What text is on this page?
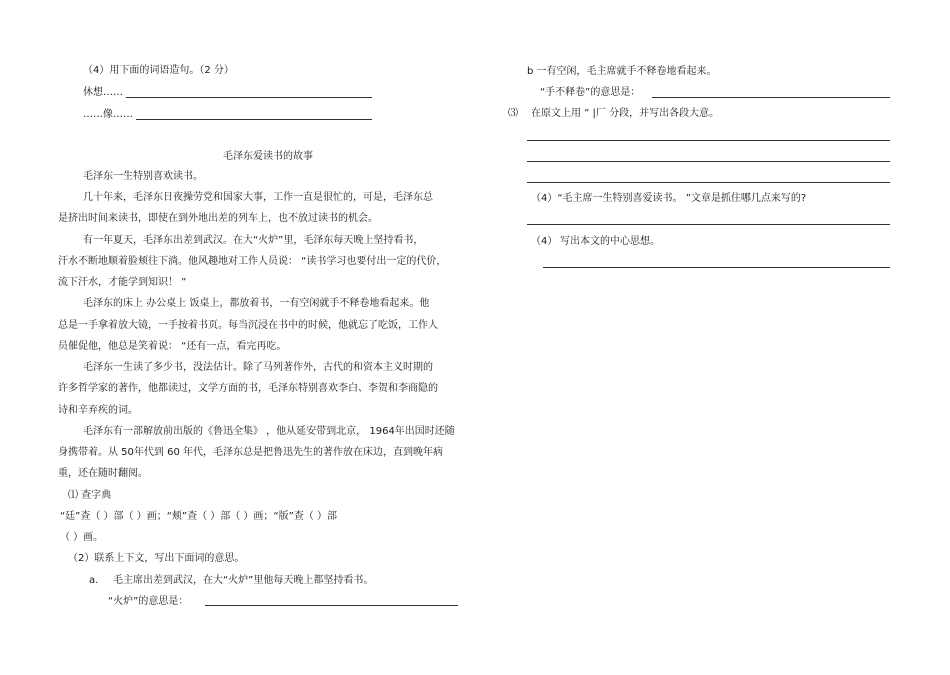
（4）用下面的词语造句。（2 分）
休想……
……像……
毛泽东爱读书的故事
毛泽东一生特别喜欢读书。
几十年来，毛泽东日夜操劳党和国家大事，工作一直是很忙的，可是，毛泽东总
是挤出时间来读书，即使在到外地出差的列车上，也不放过读书的机会。
有一年夏天，毛泽东出差到武汉。在大“火炉”里，毛泽东每天晚上坚持看书，
汗水不断地顺着脸颊往下淌。他风趣地对工作人员说： “读书学习也要付出一定的代价，
流下汗水，才能学到知识！ ”
毛泽东的床上 办公桌上 饭桌上，都放着书，一有空闲就手不释卷地看起来。他
总是一手拿着放大镜，一手按着书页。每当沉浸在书中的时候，他就忘了吃饭，工作人
员催促他，他总是笑着说： “还有一点，看完再吃。
毛泽东一生读了多少书，没法估计。除了马列著作外，古代的和资本主义时期的
许多哲学家的著作，他都读过，文学方面的书，毛泽东特别喜欢李白、李贺和李商隐的
诗和辛弃疾的词。
毛泽东有一部解放前出版的《鲁迅全集》 ，他从延安带到北京， 1964年出国时还随
身携带着。从 50年代到 60 年代，毛泽东总是把鲁迅先生的著作放在床边，直到晚年病
重，还在随时翻阅。
⑴ 查字典
“廷”查（ ）部（ ）画；“颊”查（ ）部（ ）画；“版”查（ ）部
（ ）画。
（2）联系上下文，写出下面词的意思。
a. 毛主席出差到武汉，在大“火炉”里他每天晚上都坚持看书。
“火炉”的意思是：
b 一有空闲，毛主席就手不释卷地看起来。
“手不释卷”的意思是：
⑶ 在原文上用 ” |厂 分段，并写出各段大意。
（4）“毛主席一生特别喜爱读书。 ”文章是抓住哪几点来写的?
（4） 写出本文的中心思想。
